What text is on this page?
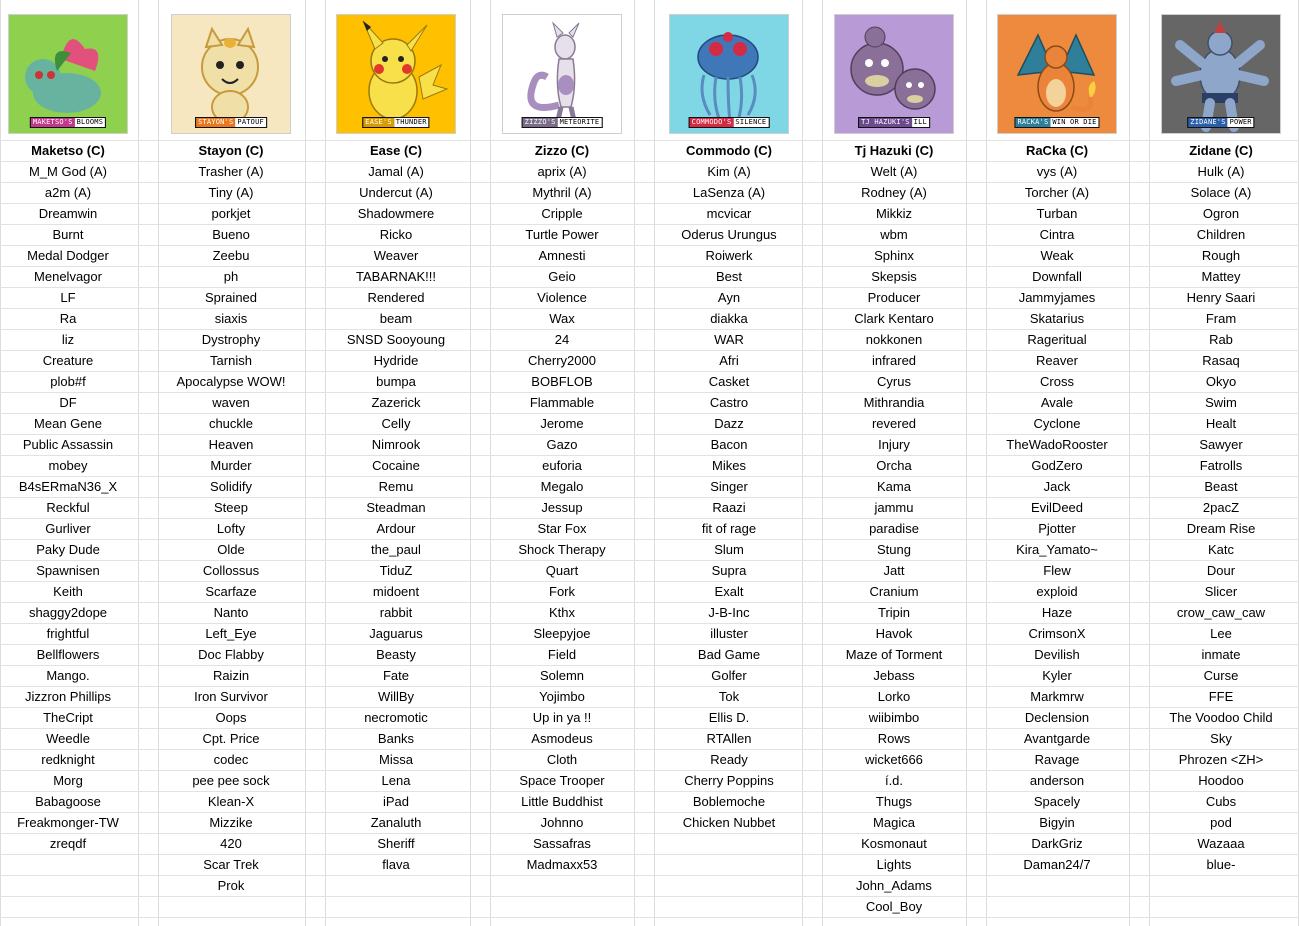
MAKETSO'S BLOOMS
Maketso (C)
M_M God (A)
a2m (A)
Dreamwin
Burnt
Medal Dodger
Menelvagor
LF
Ra
liz
Creature
plob#f
DF
Mean Gene
Public Assassin
mobey
B4sERmaN36_X
Reckful
Gurliver
Paky Dude
Spawnisen
Keith
shaggy2dope
frightful
Bellflowers
Mango.
Jizzron Phillips
TheCript
Weedle
redknight
Morg
Babagoose
Freakmonger-TW
zreqdf
STAYON'S PATOUF
Stayon (C)
Trasher (A)
Tiny (A)
porkjet
Bueno
Zeebu
ph
Sprained
siaxis
Dystrophy
Tarnish
Apocalypse WOW!
waven
chuckle
Heaven
Murder
Solidify
Steep
Lofty
Olde
Collossus
Scarfaze
Nanto
Left_Eye
Doc Flabby
Raizin
Iron Survivor
Oops
Cpt. Price
codec
pee pee sock
Klean-X
Mizzike
420
Scar Trek
Prok
EASE'S THUNDER
Ease (C)
Jamal (A)
Undercut (A)
Shadowmere
Ricko
Weaver
TABARNAK!!!
Rendered
beam
SNSD Sooyoung
Hydride
bumpa
Zazerick
Celly
Nimrook
Cocaine
Remu
Steadman
Ardour
the_paul
TiduZ
midoent
rabbit
Jaguarus
Beasty
Fate
WillBy
necromotic
Banks
Missa
Lena
iPad
Zanaluth
Sheriff
flava
ZIZZO'S METEORITE
Zizzo (C)
aprix (A)
Mythril (A)
Cripple
Turtle Power
Amnesti
Geio
Violence
Wax
24
Cherry2000
BOBFLOB
Flammable
Jerome
Gazo
euforia
Megalo
Jessup
Star Fox
Shock Therapy
Quart
Fork
Kthx
Sleepyjoe
Field
Solemn
Yojimbo
Up in ya !!
Asmodeus
Cloth
Space Trooper
Little Buddhist
Johnno
Sassafras
Madmaxx53
COMMODO'S SILENCE
Commodo (C)
Kim (A)
LaSenza (A)
mcvicar
Oderus Urungus
Roiwerk
Best
Ayn
diakka
WAR
Afri
Casket
Castro
Dazz
Bacon
Mikes
Singer
Raazi
fit of rage
Slum
Supra
Exalt
J-B-Inc
illuster
Bad Game
Golfer
Tok
Ellis D.
RTAllen
Ready
Cherry Poppins
Boblemoche
Chicken Nubbet
TJ HAZUKI'S ILL
Tj Hazuki (C)
Welt (A)
Rodney (A)
Mikkiz
wbm
Sphinx
Skepsis
Producer
Clark Kentaro
nokkonen
infrared
Cyrus
Mithrandia
revered
Injury
Orcha
Kama
jammu
paradise
Stung
Jatt
Cranium
Tripin
Havok
Maze of Torment
Jebass
Lorko
wiibimbo
Rows
wicket666
í.d.
Thugs
Magica
Kosmonaut
Lights
John_Adams
Cool_Boy
RACKA'S WIN OR DIE
RaCka (C)
vys (A)
Torcher (A)
Turban
Cintra
Weak
Downfall
Jammyjames
Skatarius
Rageritual
Reaver
Cross
Avale
Cyclone
TheWadoRooster
GodZero
Jack
EvilDeed
Pjotter
Kira_Yamato~
Flew
exploid
Haze
CrimsonX
Devilish
Kyler
Markmrw
Declension
Avantgarde
Ravage
anderson
Spacely
Bigyin
DarkGriz
Daman24/7
ZIDANE'S POWER
Zidane (C)
Hulk (A)
Solace (A)
Ogron
Children
Rough
Mattey
Henry Saari
Fram
Rab
Rasaq
Okyo
Swim
Healt
Sawyer
Fatrolls
Beast
2pacZ
Dream Rise
Katc
Dour
Slicer
crow_caw_caw
Lee
inmate
Curse
FFE
The Voodoo Child
Sky
Phrozen <ZH>
Hoodoo
Cubs
pod
Wazaaa
blue-
